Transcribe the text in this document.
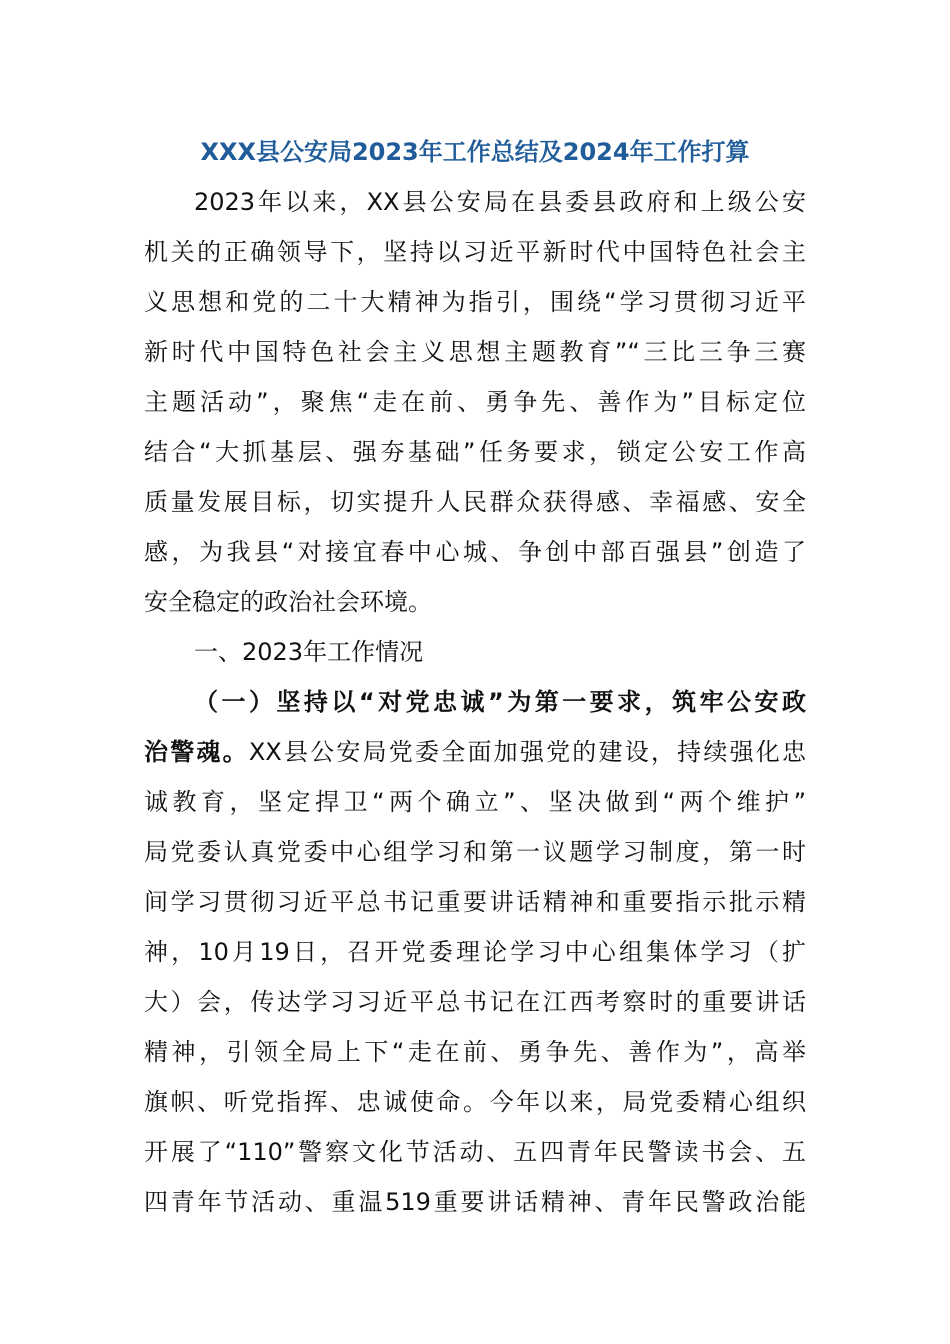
XXX县公安局2023年工作总结及2024年工作打算
2023年以来，XX县公安局在县委县政府和上级公安
机关的正确领导下，坚持以习近平新时代中国特色社会主
义思想和党的二十大精神为指引，围绕“学习贯彻习近平
新时代中国特色社会主义思想主题教育”“三比三争三赛
主题活动”，聚焦“走在前、勇争先、善作为”目标定位
结合“大抓基层、强夯基础”任务要求，锁定公安工作高
质量发展目标，切实提升人民群众获得感、幸福感、安全
感，为我县“对接宜春中心城、争创中部百强县”创造了
安全稳定的政治社会环境。
一、2023年工作情况
（一）坚持以“对党忠诚”为第一要求，筑牢公安政
治警魂。XX县公安局党委全面加强党的建设，持续强化忠
诚教育，坚定捍卫“两个确立”、坚决做到“两个维护”
局党委认真党委中心组学习和第一议题学习制度，第一时
间学习贯彻习近平总书记重要讲话精神和重要指示批示精
神，10月19日，召开党委理论学习中心组集体学习（扩
大）会，传达学习习近平总书记在江西考察时的重要讲话
精神，引领全局上下“走在前、勇争先、善作为”，高举
旗帜、听党指挥、忠诚使命。今年以来，局党委精心组织
开展了“110”警察文化节活动、五四青年民警读书会、五
四青年节活动、重温519重要讲话精神、青年民警政治能
